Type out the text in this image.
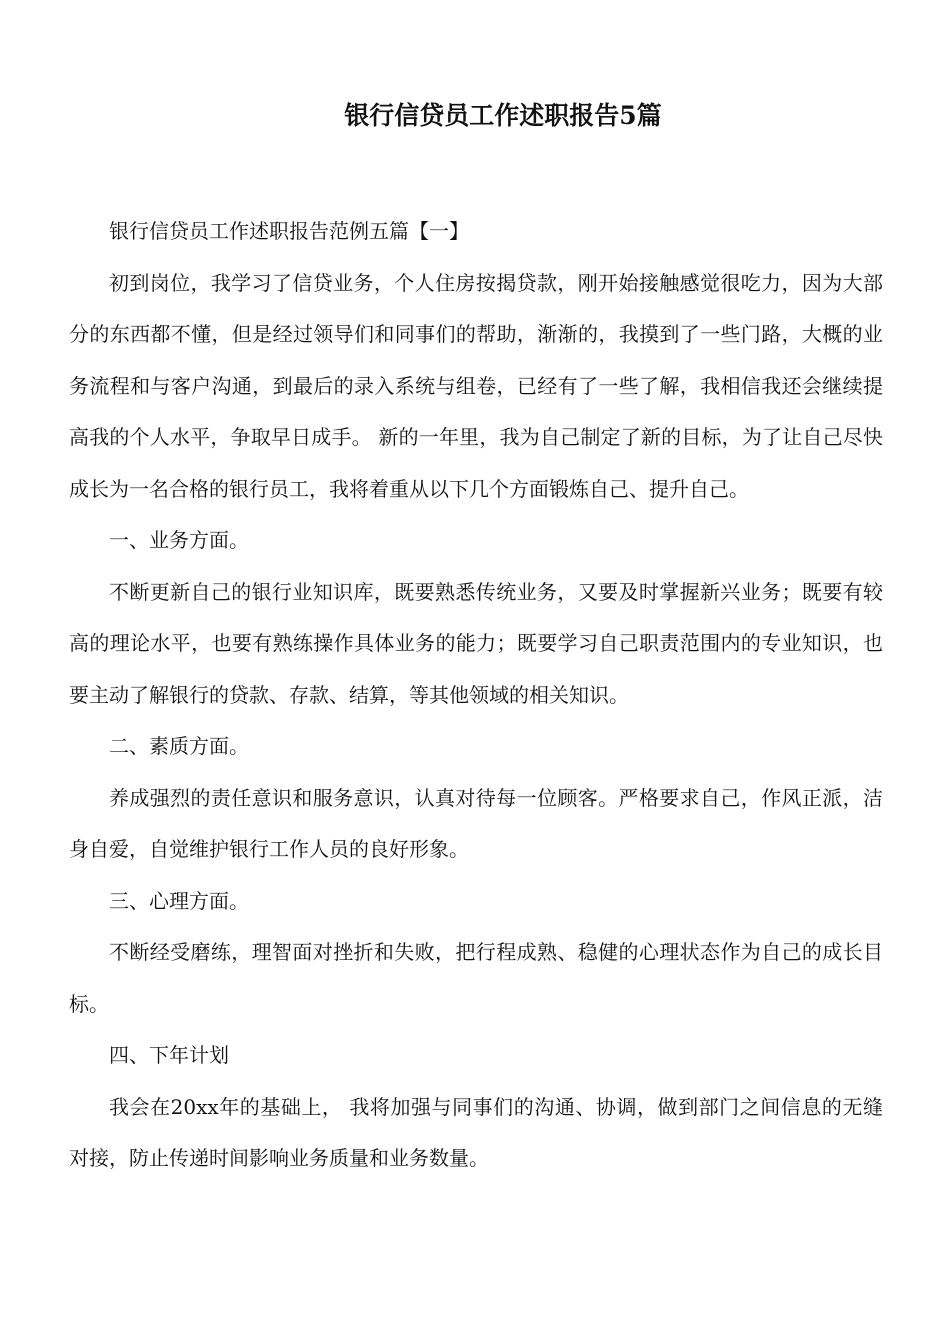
银行信贷员工作述职报告5篇

银行信贷员工作述职报告范例五篇【一】

初到岗位，我学习了信贷业务，个人住房按揭贷款，刚开始接触感觉很吃力，因为大部分的东西都不懂，但是经过领导们和同事们的帮助，渐渐的，我摸到了一些门路，大概的业务流程和与客户沟通，到最后的录入系统与组卷，已经有了一些了解，我相信我还会继续提高我的个人水平，争取早日成手。 新的一年里，我为自己制定了新的目标，为了让自己尽快成长为一名合格的银行员工，我将着重从以下几个方面锻炼自己、提升自己。

一、业务方面。

不断更新自己的银行业知识库，既要熟悉传统业务，又要及时掌握新兴业务；既要有较高的理论水平，也要有熟练操作具体业务的能力；既要学习自己职责范围内的专业知识，也要主动了解银行的贷款、存款、结算，等其他领域的相关知识。

二、素质方面。

养成强烈的责任意识和服务意识，认真对待每一位顾客。严格要求自己，作风正派，洁身自爱，自觉维护银行工作人员的良好形象。

三、心理方面。

不断经受磨练，理智面对挫折和失败，把行程成熟、稳健的心理状态作为自己的成长目标。

四、下年计划

我会在20xx年的基础上， 我将加强与同事们的沟通、协调，做到部门之间信息的无缝对接，防止传递时间影响业务质量和业务数量。
